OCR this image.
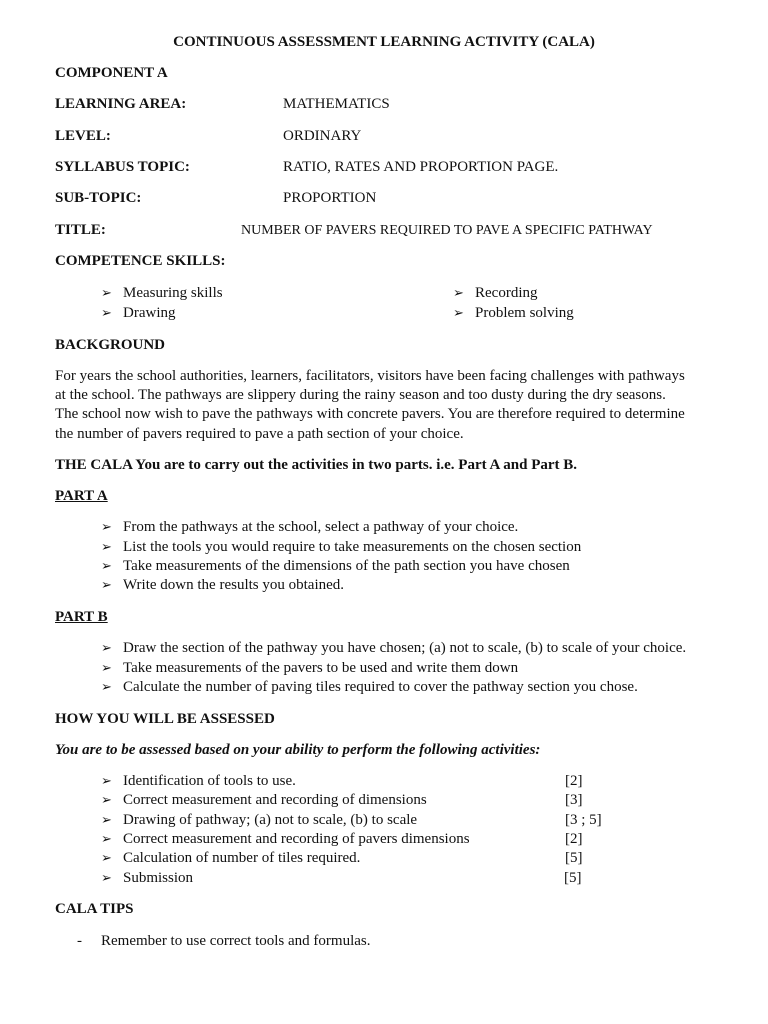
CONTINUOUS ASSESSMENT LEARNING ACTIVITY (CALA)
COMPONENT A
LEARNING AREA:	MATHEMATICS
LEVEL:	ORDINARY
SYLLABUS TOPIC:	RATIO, RATES AND PROPORTION PAGE.
SUB-TOPIC:	PROPORTION
TITLE:	NUMBER OF PAVERS REQUIRED TO PAVE A SPECIFIC PATHWAY
COMPETENCE SKILLS:
➢ Measuring skills
➢ Drawing
➢ Recording
➢ Problem solving
BACKGROUND
For years the school authorities, learners, facilitators, visitors have been facing challenges with pathways
at the school. The pathways are slippery during the rainy season and too dusty during the dry seasons.
The school now wish to pave the pathways with concrete pavers. You are therefore required to determine
the number of pavers required to pave a path section of your choice.
THE CALA You are to carry out the activities in two parts. i.e. Part A and Part B.
PART A
➢ From the pathways at the school, select a pathway of your choice.
➢ List the tools you would require to take measurements on the chosen section
➢ Take measurements of the dimensions of the path section you have chosen
➢ Write down the results you obtained.
PART B
➢ Draw the section of the pathway you have chosen; (a) not to scale, (b) to scale of your choice.
➢ Take measurements of the pavers to be used and write them down
➢ Calculate the number of paving tiles required to cover the pathway section you chose.
HOW YOU WILL BE ASSESSED
You are to be assessed based on your ability to perform the following activities:
➢ Identification of tools to use.	[2]
➢ Correct measurement and recording of dimensions	[3]
➢ Drawing of pathway; (a) not to scale, (b) to scale	[3 ; 5]
➢ Correct measurement and recording of pavers dimensions	[2]
➢ Calculation of number of tiles required.	[5]
➢ Submission	[5]
CALA TIPS
- Remember to use correct tools and formulas.
